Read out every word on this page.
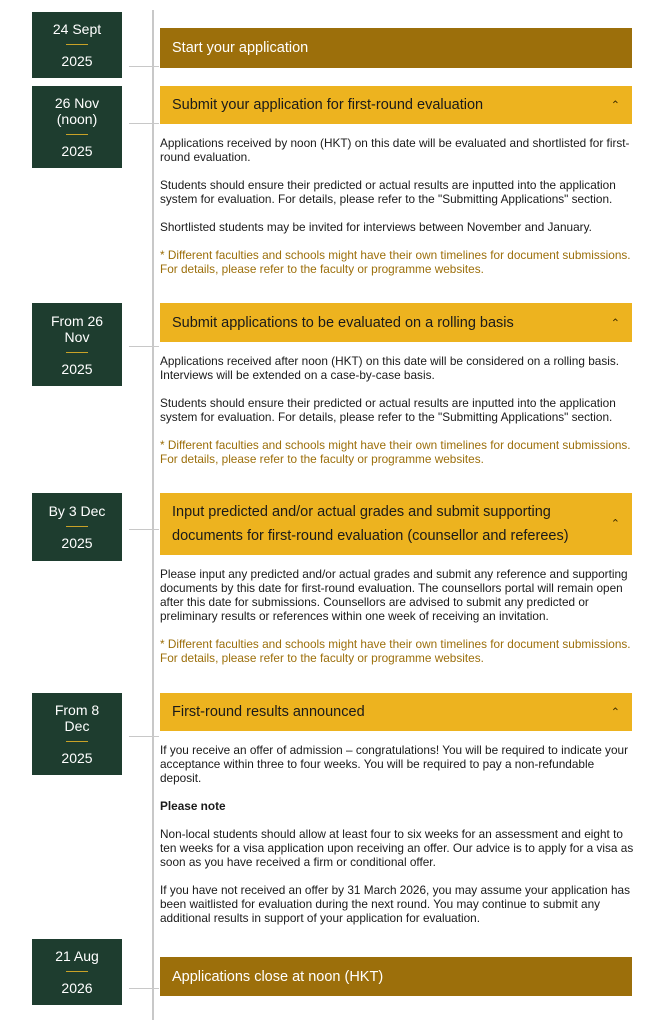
24 Sept
2025
Start your application
26 Nov (noon)
2025
Submit your application for first-round evaluation	⌃

Applications received by noon (HKT) on this date will be evaluated and shortlisted for first-round evaluation.

Students should ensure their predicted or actual results are inputted into the application system for evaluation. For details, please refer to the "Submitting Applications" section.

Shortlisted students may be invited for interviews between November and January.

* Different faculties and schools might have their own timelines for document submissions. For details, please refer to the faculty or programme websites.

From 26 Nov
2025
Submit applications to be evaluated on a rolling basis	⌃

Applications received after noon (HKT) on this date will be considered on a rolling basis. Interviews will be extended on a case-by-case basis.

Students should ensure their predicted or actual results are inputted into the application system for evaluation. For details, please refer to the "Submitting Applications" section.

* Different faculties and schools might have their own timelines for document submissions. For details, please refer to the faculty or programme websites.

By 3 Dec
2025
Input predicted and/or actual grades and submit supporting documents for first-round evaluation (counsellor and referees)
⌃

Please input any predicted and/or actual grades and submit any reference and supporting documents by this date for first-round evaluation. The counsellors portal will remain open after this date for submissions. Counsellors are advised to submit any predicted or preliminary results or references within one week of receiving an invitation.

* Different faculties and schools might have their own timelines for document submissions. For details, please refer to the faculty or programme websites.

From 8 Dec
2025
First-round results announced	⌃

If you receive an offer of admission – congratulations! You will be required to indicate your acceptance within three to four weeks. You will be required to pay a non-refundable deposit.

Please note

Non-local students should allow at least four to six weeks for an assessment and eight to ten weeks for a visa application upon receiving an offer. Our advice is to apply for a visa as soon as you have received a firm or conditional offer.

If you have not received an offer by 31 March 2026, you may assume your application has been waitlisted for evaluation during the next round. You may continue to submit any additional results in support of your application for evaluation.

21 Aug
2026
Applications close at noon (HKT)
